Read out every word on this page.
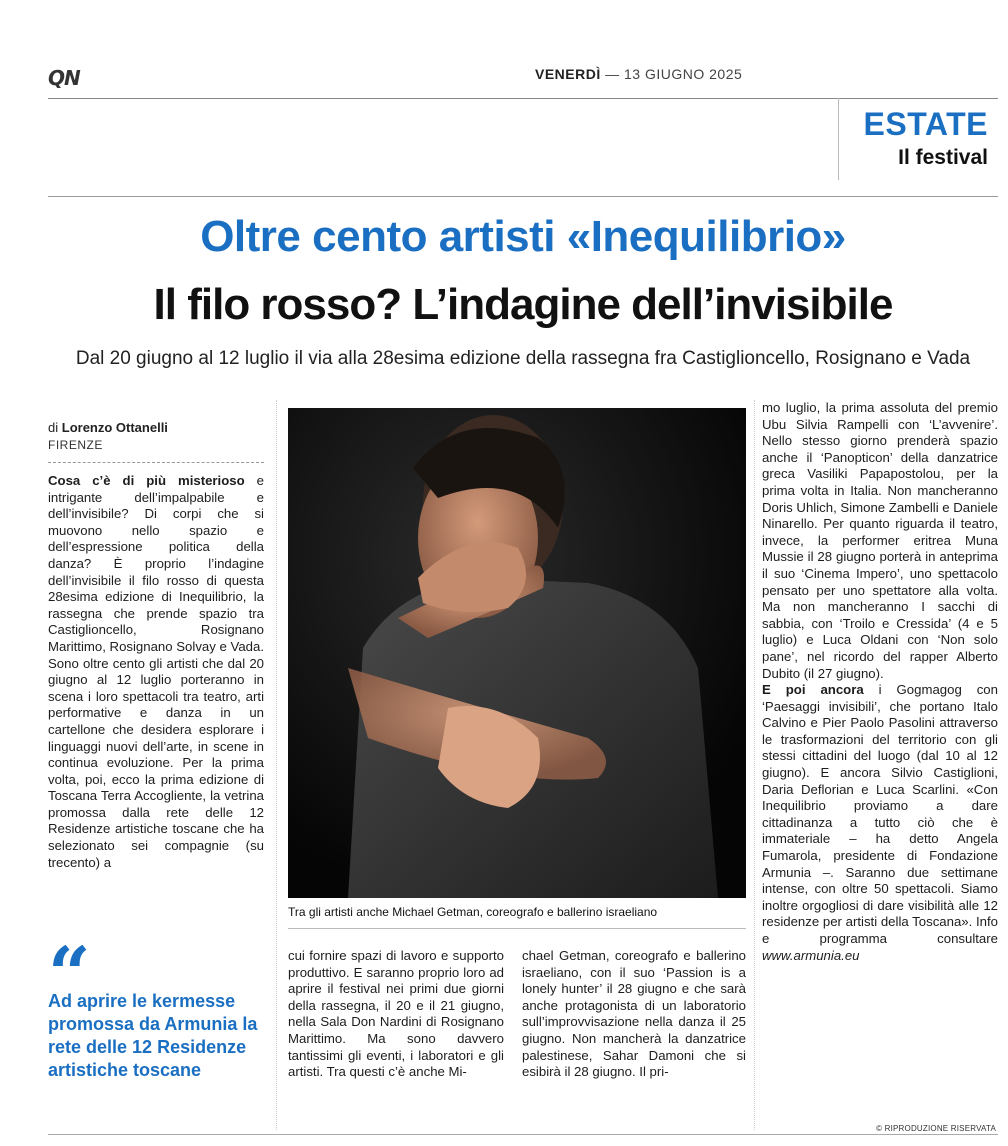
QN	VENERDÌ — 13 GIUGNO 2025
ESTATE
Il festival
Oltre cento artisti «Inequilibrio»
Il filo rosso? L’indagine dell’invisibile
Dal 20 giugno al 12 luglio il via alla 28esima edizione della rassegna fra Castiglioncello, Rosignano e Vada
di Lorenzo Ottanelli
FIRENZE

Cosa c’è di più misterioso e intrigante dell’impalpabile e dell’invisibile? Di corpi che si muovono nello spazio e dell’espressione politica della danza? È proprio l’indagine dell’invisibile il filo rosso di questa 28esima edizione di Inequilibrio, la rassegna che prende spazio tra Castiglioncello, Rosignano Marittimo, Rosignano Solvay e Vada. Sono oltre cento gli artisti che dal 20 giugno al 12 luglio porteranno in scena i loro spettacoli tra teatro, arti performative e danza in un cartellone che desidera esplorare i linguaggi nuovi dell’arte, in scene in continua evoluzione. Per la prima volta, poi, ecco la prima edizione di Toscana Terra Accogliente, la vetrina promossa dalla rete delle 12 Residenze artistiche toscane che ha selezionato sei compagnie (su trecento) a

“
Ad aprire le kermesse promossa da Armunia la rete delle 12 Residenze artistiche toscane
Tra gli artisti anche Michael Getman, coreografo e ballerino israeliano

cui fornire spazi di lavoro e supporto produttivo. E saranno proprio loro ad aprire il festival nei primi due giorni della rassegna, il 20 e il 21 giugno, nella Sala Don Nardini di Rosignano Marittimo. Ma sono davvero tantissimi gli eventi, i laboratori e gli artisti. Tra questi c’è anche Mi-

chael Getman, coreografo e ballerino israeliano, con il suo ‘Passion is a lonely hunter’ il 28 giugno e che sarà anche protagonista di un laboratorio sull’improvvisazione nella danza il 25 giugno. Non mancherà la danzatrice palestinese, Sahar Damoni che si esibirà il 28 giugno. Il pri-

mo luglio, la prima assoluta del premio Ubu Silvia Rampelli con ‘L’avvenire’. Nello stesso giorno prenderà spazio anche il ‘Panopticon’ della danzatrice greca Vasiliki Papapostolou, per la prima volta in Italia. Non mancheranno Doris Uhlich, Simone Zambelli e Daniele Ninarello. Per quanto riguarda il teatro, invece, la performer eritrea Muna Mussie il 28 giugno porterà in anteprima il suo ‘Cinema Impero’, uno spettacolo pensato per uno spettatore alla volta. Ma non mancheranno I sacchi di sabbia, con ‘Troilo e Cressida’ (4 e 5 luglio) e Luca Oldani con ‘Non solo pane’, nel ricordo del rapper Alberto Dubito (il 27 giugno).

E poi ancora i Gogmagog con ‘Paesaggi invisibili’, che portano Italo Calvino e Pier Paolo Pasolini attraverso le trasformazioni del territorio con gli stessi cittadini del luogo (dal 10 al 12 giugno). E ancora Silvio Castiglioni, Daria Deflorian e Luca Scarlini. «Con Inequilibrio proviamo a dare cittadinanza a tutto ciò che è immateriale – ha detto Angela Fumarola, presidente di Fondazione Armunia –. Saranno due settimane intense, con oltre 50 spettacoli. Siamo inoltre orgogliosi di dare visibilità alle 12 residenze per artisti della Toscana». Info e programma consultare www.armunia.eu

© RIPRODUZIONE RISERVATA
